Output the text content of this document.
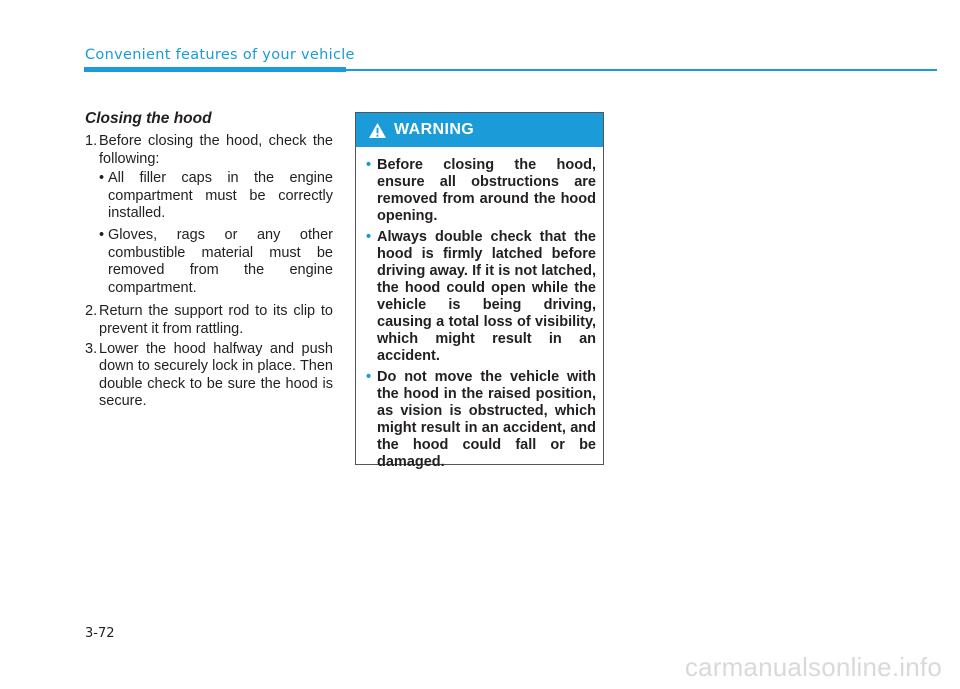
Convenient features of your vehicle
Closing the hood
1. Before closing the hood, check the following:
• All filler caps in the engine compartment must be correctly installed.
• Gloves, rags or any other combustible material must be removed from the engine compartment.
2. Return the support rod to its clip to prevent it from rattling.
3. Lower the hood halfway and push down to securely lock in place. Then double check to be sure the hood is secure.
WARNING
• Before closing the hood, ensure all obstructions are removed from around the hood opening.
• Always double check that the hood is firmly latched before driving away. If it is not latched, the hood could open while the vehicle is being driving, causing a total loss of visibility, which might result in an accident.
• Do not move the vehicle with the hood in the raised position, as vision is obstructed, which might result in an accident, and the hood could fall or be damaged.
3-72
carmanualsonline.info
